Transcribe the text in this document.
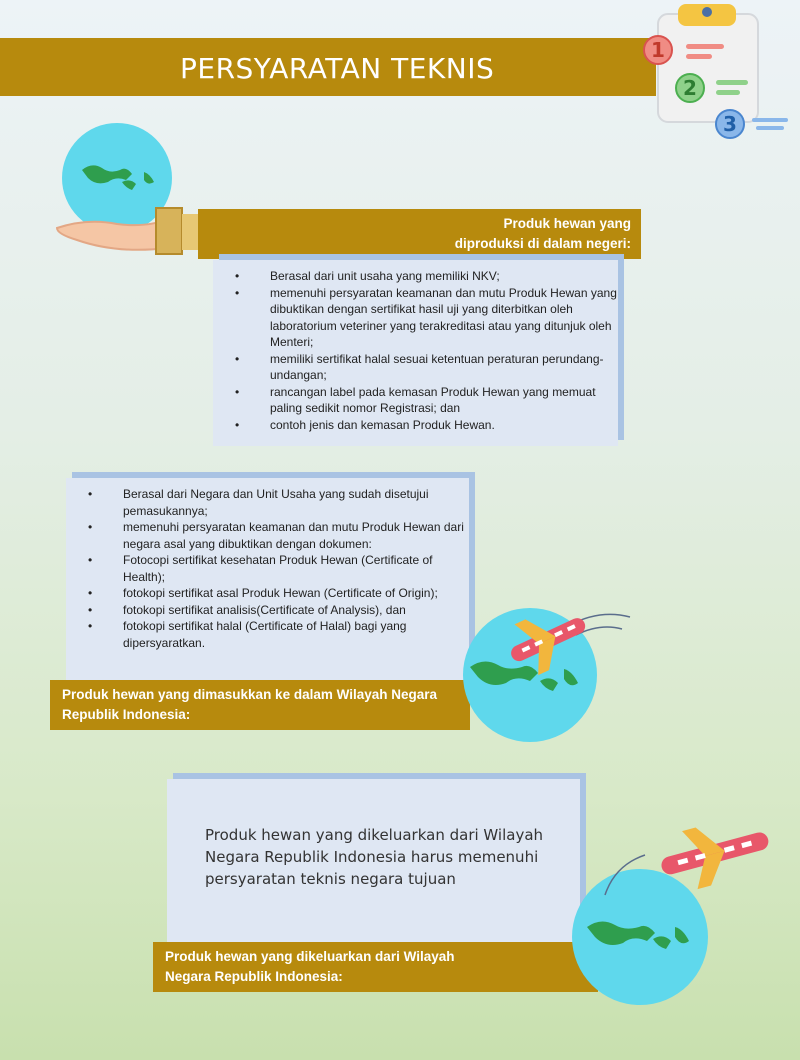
PERSYARATAN TEKNIS
1
2
3
Produk hewan yang
diproduksi di dalam negeri:
• Berasal dari unit usaha yang memiliki NKV;
• memenuhi persyaratan keamanan dan mutu Produk Hewan yang dibuktikan dengan sertifikat hasil uji yang diterbitkan oleh laboratorium veteriner yang terakreditasi atau yang ditunjuk oleh Menteri;
• memiliki sertifikat halal sesuai ketentuan peraturan perundang-undangan;
• rancangan label pada kemasan Produk Hewan yang memuat paling sedikit nomor Registrasi; dan
• contoh jenis dan kemasan Produk Hewan.
• Berasal dari Negara dan Unit Usaha yang sudah disetujui pemasukannya;
• memenuhi persyaratan keamanan dan mutu Produk Hewan dari negara asal yang dibuktikan dengan dokumen:
• Fotocopi sertifikat kesehatan Produk Hewan (Certificate of Health);
• fotokopi sertifikat asal Produk Hewan (Certificate of Origin);
• fotokopi sertifikat analisis(Certificate of Analysis), dan
• fotokopi sertifikat halal (Certificate of Halal) bagi yang dipersyaratkan.
Produk hewan yang dimasukkan ke dalam Wilayah Negara
Republik Indonesia:
Produk hewan yang dikeluarkan dari Wilayah Negara Republik Indonesia harus memenuhi persyaratan teknis negara tujuan
Produk hewan yang dikeluarkan dari Wilayah
Negara Republik Indonesia:
